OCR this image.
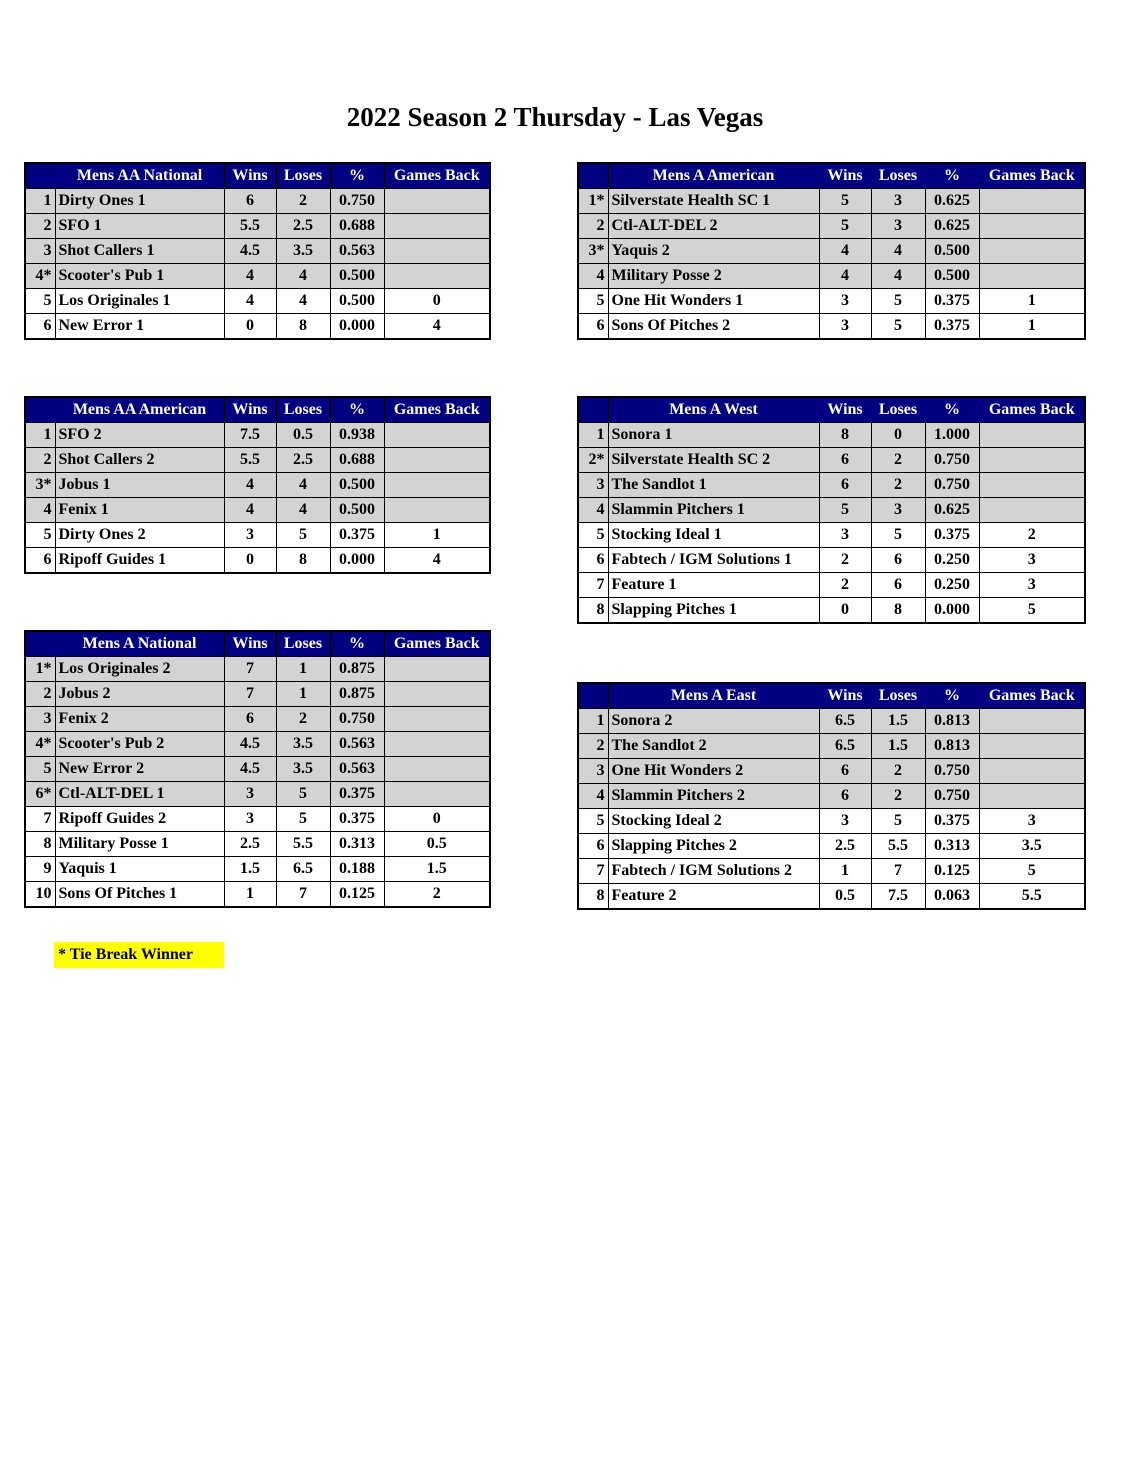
2022 Season 2 Thursday - Las Vegas
	Mens AA National	Wins	Loses	%	Games Back
1	Dirty Ones 1	6	2	0.750	
2	SFO 1	5.5	2.5	0.688	
3	Shot Callers 1	4.5	3.5	0.563	
4*	Scooter's Pub 1	4	4	0.500	
5	Los Originales 1	4	4	0.500	0
6	New Error 1	0	8	0.000	4
	Mens A American	Wins	Loses	%	Games Back
1*	Silverstate Health SC 1	5	3	0.625	
2	Ctl-ALT-DEL 2	5	3	0.625	
3*	Yaquis 2	4	4	0.500	
4	Military Posse 2	4	4	0.500	
5	One Hit Wonders 1	3	5	0.375	1
6	Sons Of Pitches 2	3	5	0.375	1
	Mens AA American	Wins	Loses	%	Games Back
1	SFO 2	7.5	0.5	0.938	
2	Shot Callers 2	5.5	2.5	0.688	
3*	Jobus 1	4	4	0.500	
4	Fenix 1	4	4	0.500	
5	Dirty Ones 2	3	5	0.375	1
6	Ripoff Guides 1	0	8	0.000	4
	Mens A West	Wins	Loses	%	Games Back
1	Sonora 1	8	0	1.000	
2*	Silverstate Health SC 2	6	2	0.750	
3	The Sandlot 1	6	2	0.750	
4	Slammin Pitchers 1	5	3	0.625	
5	Stocking Ideal 1	3	5	0.375	2
6	Fabtech / IGM Solutions 1	2	6	0.250	3
7	Feature 1	2	6	0.250	3
8	Slapping Pitches 1	0	8	0.000	5
	Mens A National	Wins	Loses	%	Games Back
1*	Los Originales 2	7	1	0.875	
2	Jobus 2	7	1	0.875	
3	Fenix 2	6	2	0.750	
4*	Scooter's Pub 2	4.5	3.5	0.563	
5	New Error 2	4.5	3.5	0.563	
6*	Ctl-ALT-DEL 1	3	5	0.375	
7	Ripoff Guides 2	3	5	0.375	0
8	Military Posse 1	2.5	5.5	0.313	0.5
9	Yaquis 1	1.5	6.5	0.188	1.5
10	Sons Of Pitches 1	1	7	0.125	2
	Mens A East	Wins	Loses	%	Games Back
1	Sonora 2	6.5	1.5	0.813	
2	The Sandlot 2	6.5	1.5	0.813	
3	One Hit Wonders 2	6	2	0.750	
4	Slammin Pitchers 2	6	2	0.750	
5	Stocking Ideal 2	3	5	0.375	3
6	Slapping Pitches 2	2.5	5.5	0.313	3.5
7	Fabtech / IGM Solutions 2	1	7	0.125	5
8	Feature 2	0.5	7.5	0.063	5.5
* Tie Break Winner
